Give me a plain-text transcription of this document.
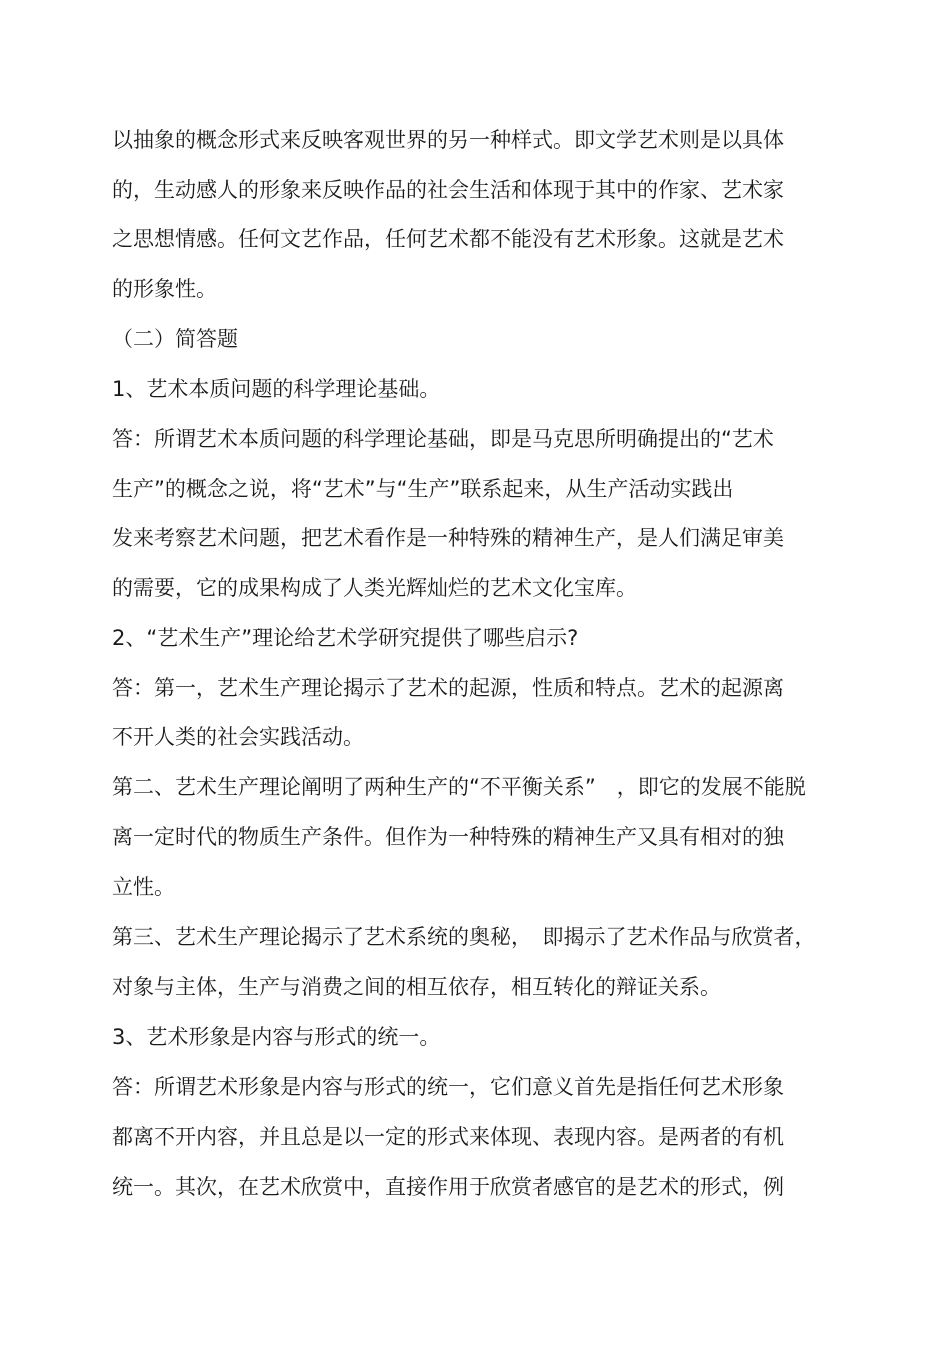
以抽象的概念形式来反映客观世界的另一种样式。即文学艺术则是以具体
的，生动感人的形象来反映作品的社会生活和体现于其中的作家、艺术家
之思想情感。任何文艺作品，任何艺术都不能没有艺术形象。这就是艺术
的形象性。
（二）简答题
1、艺术本质问题的科学理论基础。
答：所谓艺术本质问题的科学理论基础，即是马克思所明确提出的“艺术
生产”的概念之说，将“艺术”与“生产”联系起来，从生产活动实践出
发来考察艺术问题，把艺术看作是一种特殊的精神生产，是人们满足审美
的需要，它的成果构成了人类光辉灿烂的艺术文化宝库。
2、“艺术生产”理论给艺术学研究提供了哪些启示?
答：第一，艺术生产理论揭示了艺术的起源，性质和特点。艺术的起源离
不开人类的社会实践活动。
第二、艺术生产理论阐明了两种生产的“不平衡关系”　，即它的发展不能脱
离一定时代的物质生产条件。但作为一种特殊的精神生产又具有相对的独
立性。
第三、艺术生产理论揭示了艺术系统的奥秘，　即揭示了艺术作品与欣赏者，
对象与主体，生产与消费之间的相互依存，相互转化的辩证关系。
3、艺术形象是内容与形式的统一。
答：所谓艺术形象是内容与形式的统一，它们意义首先是指任何艺术形象
都离不开内容，并且总是以一定的形式来体现、表现内容。是两者的有机
统一。其次，在艺术欣赏中，直接作用于欣赏者感官的是艺术的形式，例
